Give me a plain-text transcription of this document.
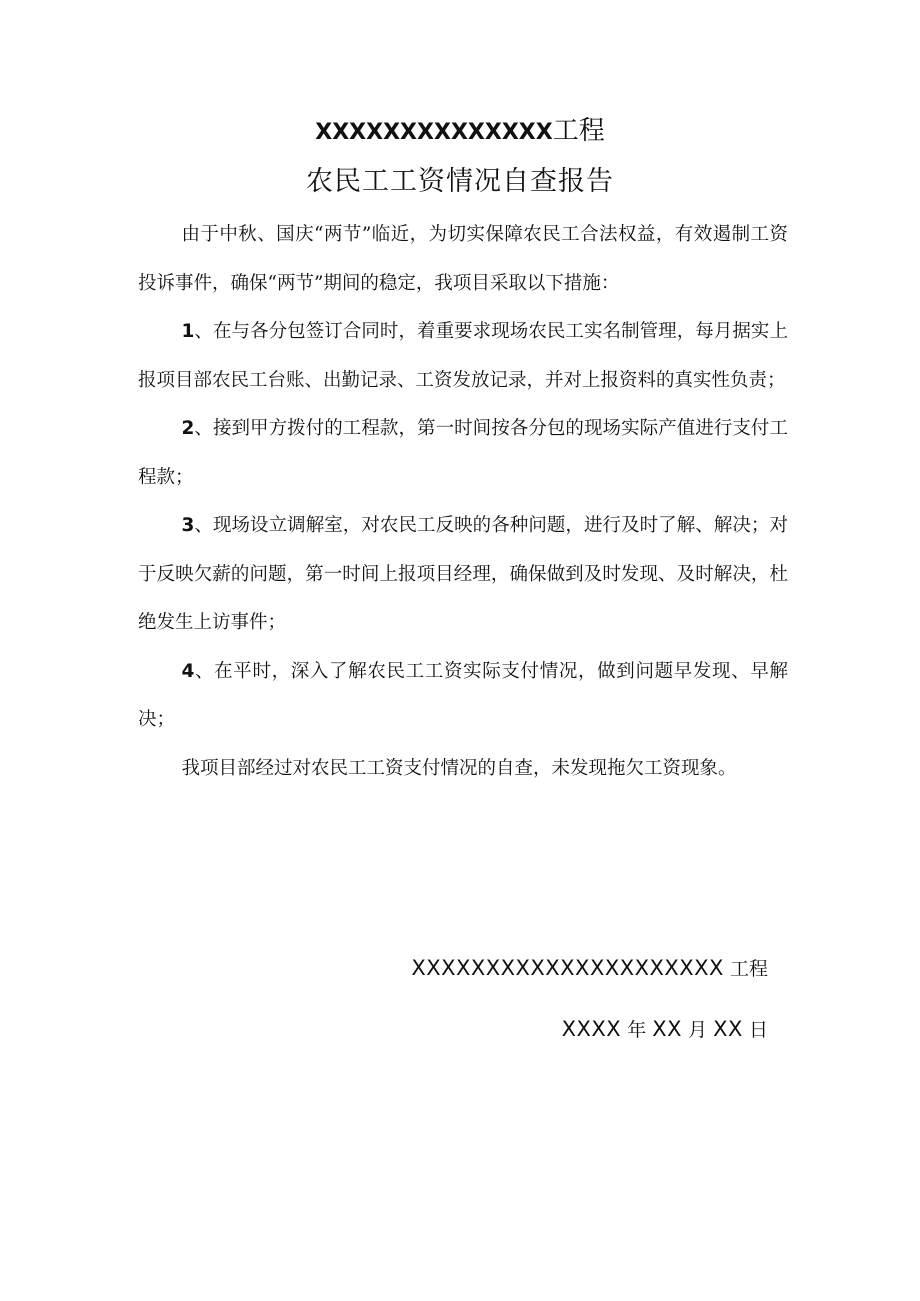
XXXXXXXXXXXXXX工程
农民工工资情况自查报告

由于中秋、国庆“两节”临近，为切实保障农民工合法权益，有效遏制工资投诉事件，确保“两节”期间的稳定，我项目采取以下措施：

1、在与各分包签订合同时，着重要求现场农民工实名制管理，每月据实上报项目部农民工台账、出勤记录、工资发放记录，并对上报资料的真实性负责；

2、接到甲方拨付的工程款，第一时间按各分包的现场实际产值进行支付工程款；

3、现场设立调解室，对农民工反映的各种问题，进行及时了解、解决；对于反映欠薪的问题，第一时间上报项目经理，确保做到及时发现、及时解决，杜绝发生上访事件；

4、在平时，深入了解农民工工资实际支付情况，做到问题早发现、早解决；

我项目部经过对农民工工资支付情况的自查，未发现拖欠工资现象。

XXXXXXXXXXXXXXXXXXXXX 工程
XXXX 年 XX 月 XX 日
